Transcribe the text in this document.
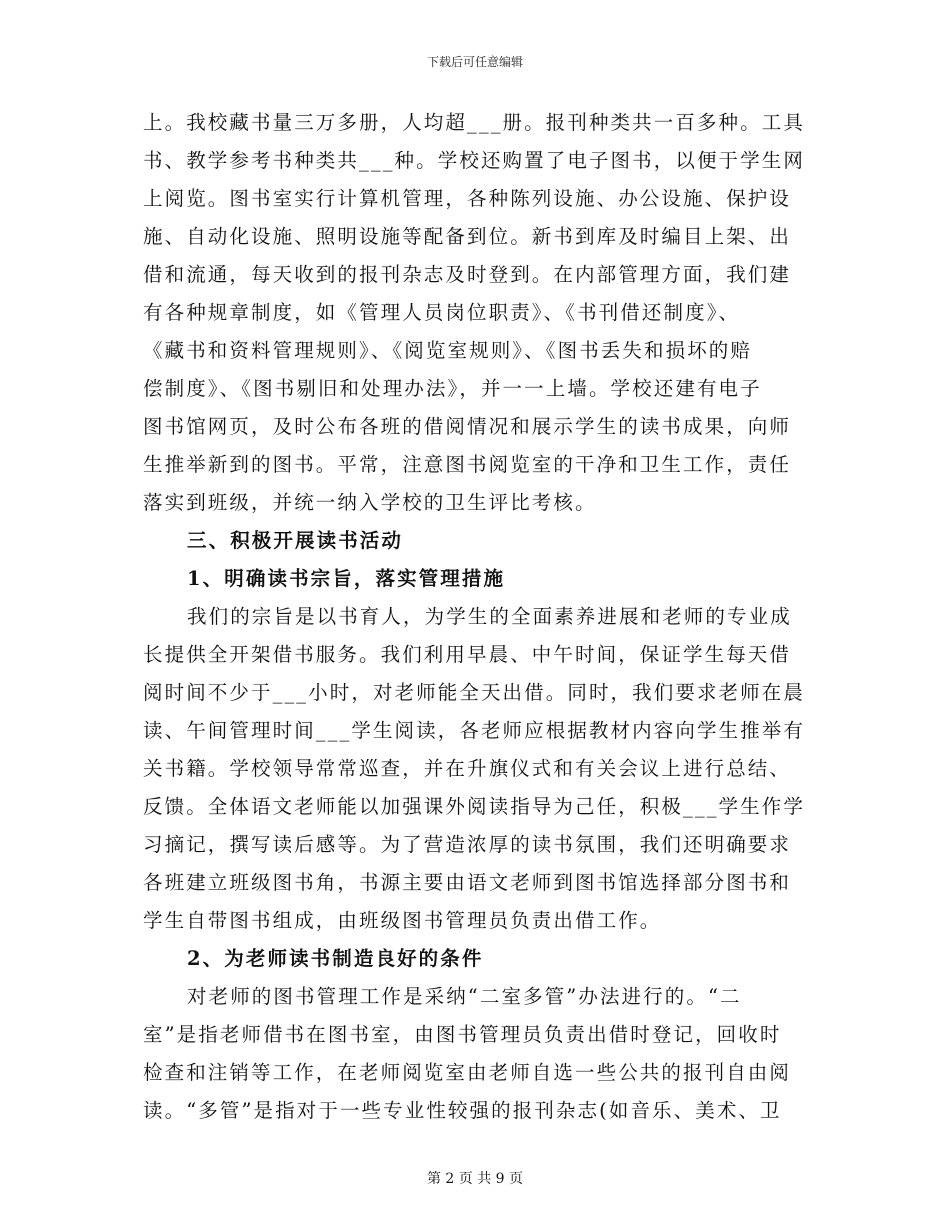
下载后可任意编辑
上。我校藏书量三万多册，人均超___册。报刊种类共一百多种。工具
书、教学参考书种类共___种。学校还购置了电子图书，以便于学生网
上阅览。图书室实行计算机管理，各种陈列设施、办公设施、保护设
施、自动化设施、照明设施等配备到位。新书到库及时编目上架、出
借和流通，每天收到的报刊杂志及时登到。在内部管理方面，我们建
有各种规章制度，如《管理人员岗位职责》、《书刊借还制度》、
《藏书和资料管理规则》、《阅览室规则》、《图书丢失和损坏的赔
偿制度》、《图书剔旧和处理办法》，并一一上墙。学校还建有电子
图书馆网页，及时公布各班的借阅情况和展示学生的读书成果，向师
生推举新到的图书。平常，注意图书阅览室的干净和卫生工作，责任
落实到班级，并统一纳入学校的卫生评比考核。
三、积极开展读书活动
1、明确读书宗旨，落实管理措施
我们的宗旨是以书育人，为学生的全面素养进展和老师的专业成
长提供全开架借书服务。我们利用早晨、中午时间，保证学生每天借
阅时间不少于___小时，对老师能全天出借。同时，我们要求老师在晨
读、午间管理时间___学生阅读，各老师应根据教材内容向学生推举有
关书籍。学校领导常常巡查，并在升旗仪式和有关会议上进行总结、
反馈。全体语文老师能以加强课外阅读指导为己任，积极___学生作学
习摘记，撰写读后感等。为了营造浓厚的读书氛围，我们还明确要求
各班建立班级图书角，书源主要由语文老师到图书馆选择部分图书和
学生自带图书组成，由班级图书管理员负责出借工作。
2、为老师读书制造良好的条件
对老师的图书管理工作是采纳“二室多管”办法进行的。“二
室”是指老师借书在图书室，由图书管理员负责出借时登记，回收时
检查和注销等工作，在老师阅览室由老师自选一些公共的报刊自由阅
读。“多管”是指对于一些专业性较强的报刊杂志(如音乐、美术、卫
第 2 页 共 9 页
